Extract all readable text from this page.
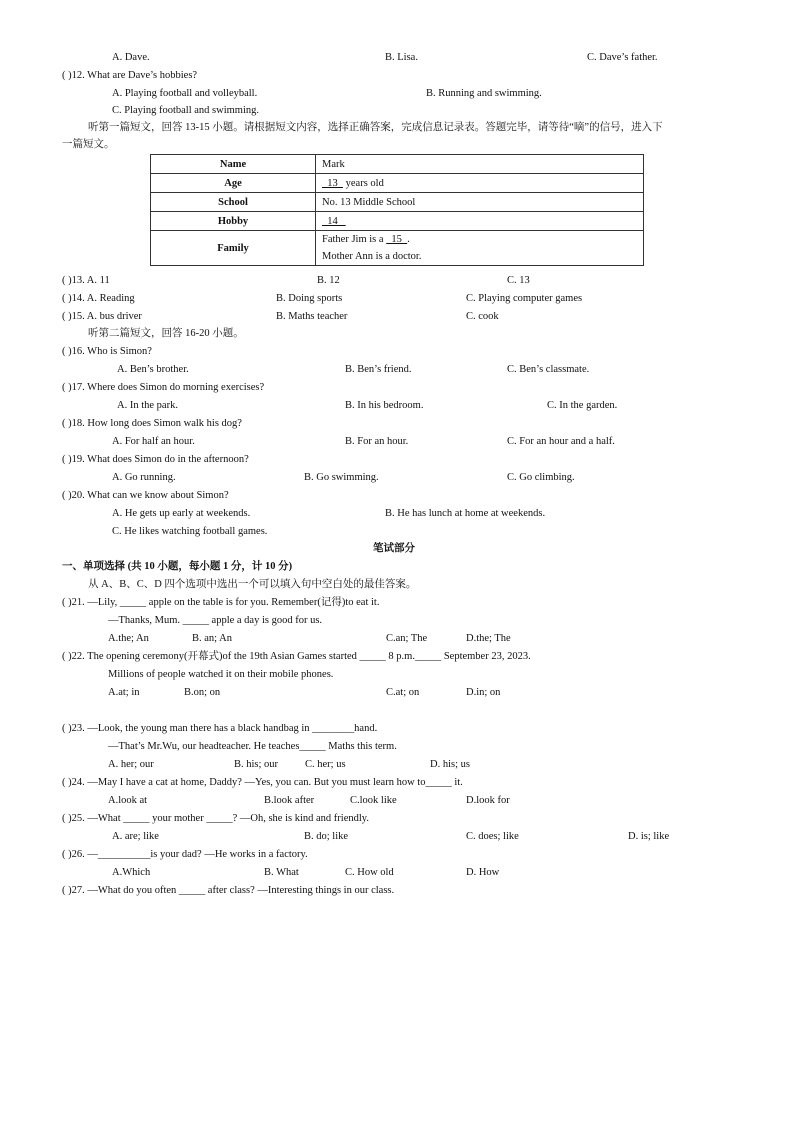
A. Dave.	B. Lisa.	C. Dave’s father.
( )12. What are Dave’s hobbies?
A. Playing football and volleyball.	B. Running and swimming.
C. Playing football and swimming.
听第一篇短文，回答 13-15 小题。请根据短文内容，选择正确答案，完成信息记录表。答题完毕，请等待“嘀”的信号，进入下
一篇短文。
Name	Mark
Age	13   years old
School	No. 13 Middle School
Hobby	14
Family	Father Jim is a   15  .
Mother Ann is a doctor.
( )13. A. 11	B. 12	C. 13
( )14. A. Reading	B. Doing sports	C. Playing computer games
( )15. A. bus driver	B. Maths teacher	C. cook
听第二篇短文，回答 16-20 小题。
( )16. Who is Simon?
A. Ben’s brother.	B. Ben’s friend.	C. Ben’s classmate.
( )17. Where does Simon do morning exercises?
A. In the park.	B. In his bedroom.	C. In the garden.
( )18. How long does Simon walk his dog?
A. For half an hour.	B. For an hour.	C. For an hour and a half.
( )19. What does Simon do in the afternoon?
A. Go running.	B. Go swimming.	C. Go climbing.
( )20. What can we know about Simon?
A. He gets up early at weekends.	B. He has lunch at home at weekends.
C. He likes watching football games.
笔试部分
一、单项选择 (共 10 小题，每小题 1 分，计 10 分)
从 A、B、C、D 四个选项中选出一个可以填入句中空白处的最佳答案。
( )21. —Lily, _____ apple on the table is for you. Remember(记得)to eat it.
—Thanks, Mum. _____ apple a day is good for us.
A.the; An	B. an; An	C.an; The	D.the; The
( )22. The opening ceremony(开幕式)of the 19th Asian Games started _____ 8 p.m._____ September 23, 2023.
Millions of people watched it on their mobile phones.
A.at; in	B.on; on	C.at; on	D.in; on
( )23. —Look, the young man there has a black handbag in ________hand.
—That’s Mr.Wu, our headteacher. He teaches_____ Maths this term.
A. her; our	B. his; our	C. her; us	D. his; us
( )24. —May I have a cat at home, Daddy? —Yes, you can. But you must learn how to_____ it.
A.look at	B.look after	C.look like	D.look for
( )25. —What _____ your mother _____? —Oh, she is kind and friendly.
A. are; like	B. do; like	C. does; like	D. is; like
( )26. —__________is your dad? —He works in a factory.
A.Which	B. What	C. How old	D. How
( )27. —What do you often _____ after class? —Interesting things in our class.
